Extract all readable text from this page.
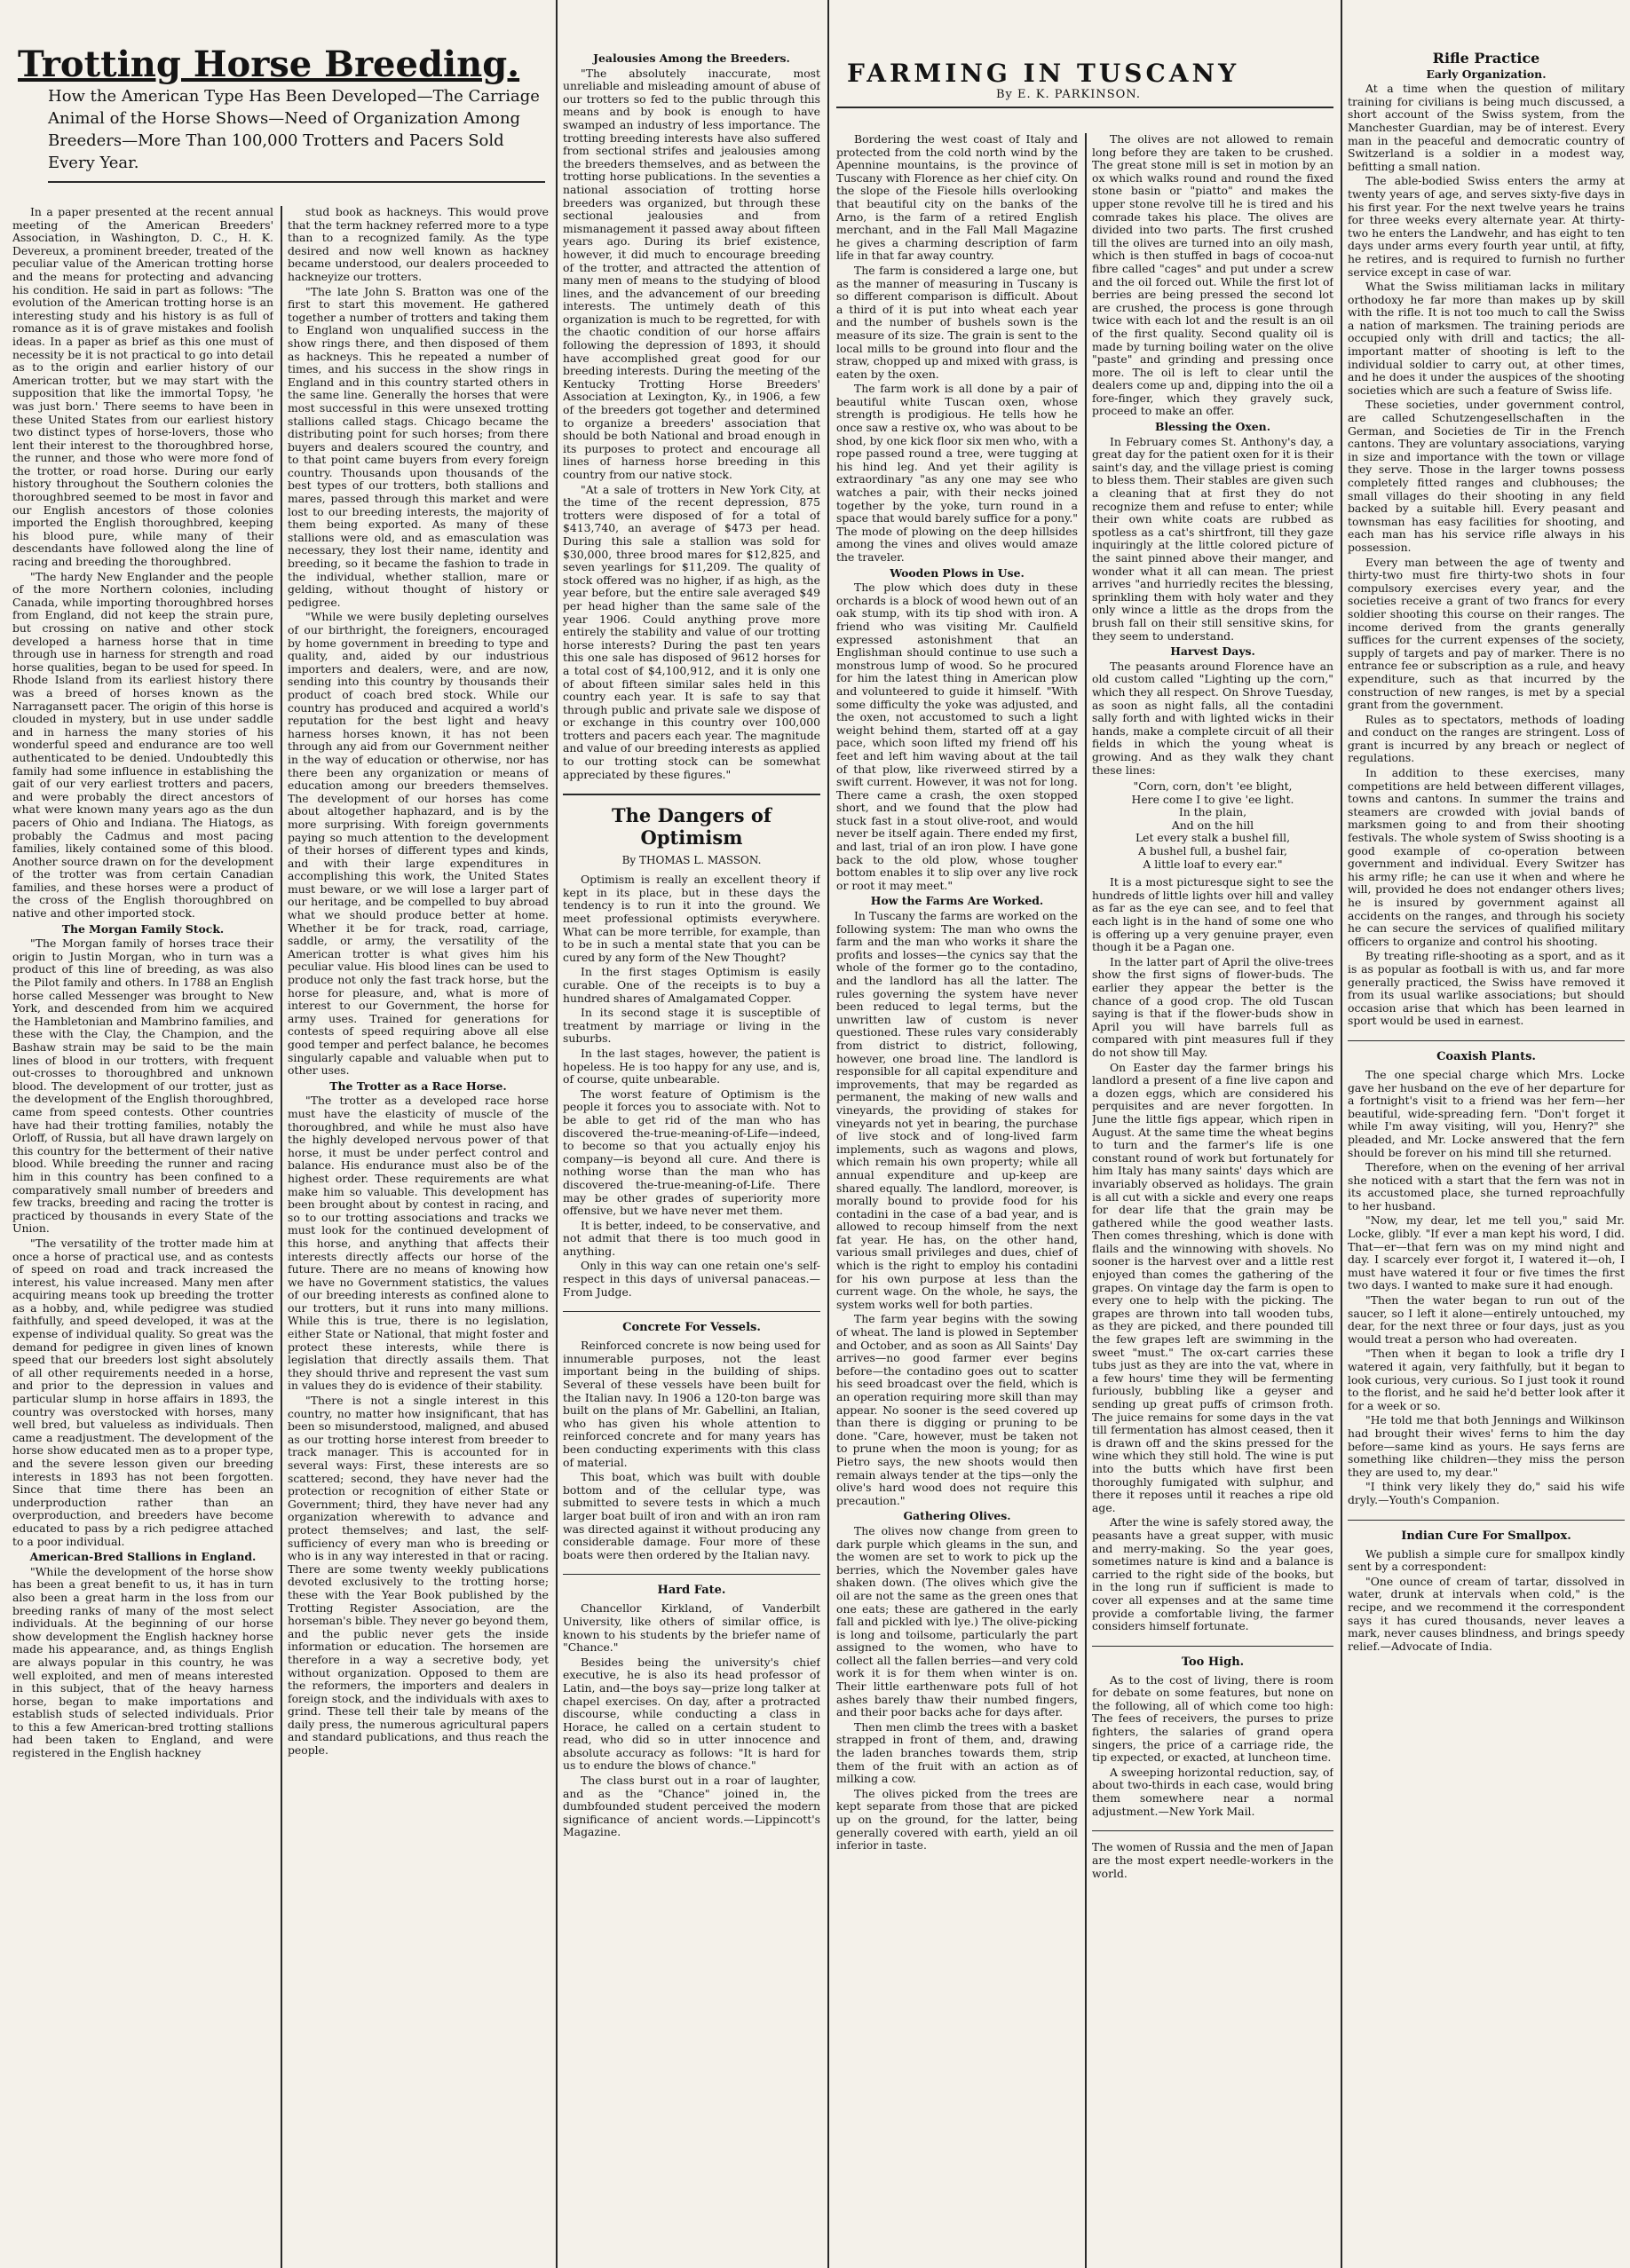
Trotting Horse Breeding.
How the American Type Has Been Developed—The Carriage Animal of the Horse Shows—Need of Organization Among Breeders—More Than 100,000 Trotters and Pacers Sold Every Year.

In a paper presented at the recent annual meeting of the American Breeders' Association, in Washington, D. C., H. K. Devereux, a prominent breeder, treated of the peculiar value of the American trotting horse and the means for protecting and advancing his condition. He said in part as follows: "The evolution of the American trotting horse is an interesting study and his history is as full of romance as it is of grave mistakes and foolish ideas. In a paper as brief as this one must of necessity be it is not practical to go into detail as to the origin and earlier history of our American trotter, but we may start with the supposition that like the immortal Topsy, 'he was just born.' There seems to have been in these United States from our earliest history two distinct types of horse-lovers, those who lent their interest to the thoroughbred horse, the runner, and those who were more fond of the trotter, or road horse. During our early history throughout the Southern colonies the thoroughbred seemed to be most in favor and our English ancestors of those colonies imported the English thoroughbred, keeping his blood pure, while many of their descendants have followed along the line of racing and breeding the thoroughbred.

"The hardy New Englander and the people of the more Northern colonies, including Canada, while importing thoroughbred horses from England, did not keep the strain pure, but crossing on native and other stock developed a harness horse that in time through use in harness for strength and road horse qualities, began to be used for speed. In Rhode Island from its earliest history there was a breed of horses known as the Narragansett pacer. The origin of this horse is clouded in mystery, but in use under saddle and in harness the many stories of his wonderful speed and endurance are too well authenticated to be denied. Undoubtedly this family had some influence in establishing the gait of our very earliest trotters and pacers, and were probably the direct ancestors of what were known many years ago as the dun pacers of Ohio and Indiana. The Hiatogs, as probably the Cadmus and most pacing families, likely contained some of this blood. Another source drawn on for the development of the trotter was from certain Canadian families, and these horses were a product of the cross of the English thoroughbred on native and other imported stock.

The Morgan Family Stock.

"The Morgan family of horses trace their origin to Justin Morgan, who in turn was a product of this line of breeding, as was also the Pilot family and others. In 1788 an English horse called Messenger was brought to New York, and descended from him we acquired the Hambletonian and Mambrino families, and these with the Clay, the Champion, and the Bashaw strain may be said to be the main lines of blood in our trotters, with frequent out-crosses to thoroughbred and unknown blood. The development of our trotter, just as the development of the English thoroughbred, came from speed contests. Other countries have had their trotting families, notably the Orloff, of Russia, but all have drawn largely on this country for the betterment of their native blood. While breeding the runner and racing him in this country has been confined to a comparatively small number of breeders and few tracks, breeding and racing the trotter is practiced by thousands in every State of the Union.

"The versatility of the trotter made him at once a horse of practical use, and as contests of speed on road and track increased the interest, his value increased. Many men after acquiring means took up breeding the trotter as a hobby, and, while pedigree was studied faithfully, and speed developed, it was at the expense of individual quality. So great was the demand for pedigree in given lines of known speed that our breeders lost sight absolutely of all other requirements needed in a horse, and prior to the depression in values and particular slump in horse affairs in 1893, the country was overstocked with horses, many well bred, but valueless as individuals. Then came a readjustment. The development of the horse show educated men as to a proper type, and the severe lesson given our breeding interests in 1893 has not been forgotten. Since that time there has been an underproduction rather than an overproduction, and breeders have become educated to pass by a rich pedigree attached to a poor individual.

American-Bred Stallions in England.

"While the development of the horse show has been a great benefit to us, it has in turn also been a great harm in the loss from our breeding ranks of many of the most select individuals. At the beginning of our horse show development the English hackney horse made his appearance, and, as things English are always popular in this country, he was well exploited, and men of means interested in this subject, that of the heavy harness horse, began to make importations and establish studs of selected individuals. Prior to this a few American-bred trotting stallions had been taken to England, and were registered in the English hackney

stud book as hackneys. This would prove that the term hackney referred more to a type than to a recognized family. As the type desired and now well known as hackney became understood, our dealers proceeded to hackneyize our trotters.

"The late John S. Bratton was one of the first to start this movement. He gathered together a number of trotters and taking them to England won unqualified success in the show rings there, and then disposed of them as hackneys. This he repeated a number of times, and his success in the show rings in England and in this country started others in the same line. Generally the horses that were most successful in this were unsexed trotting stallions called stags. Chicago became the distributing point for such horses; from there buyers and dealers scoured the country, and to that point came buyers from every foreign country. Thousands upon thousands of the best types of our trotters, both stallions and mares, passed through this market and were lost to our breeding interests, the majority of them being exported. As many of these stallions were old, and as emasculation was necessary, they lost their name, identity and breeding, so it became the fashion to trade in the individual, whether stallion, mare or gelding, without thought of history or pedigree.

"While we were busily depleting ourselves of our birthright, the foreigners, encouraged by home government in breeding to type and quality, and, aided by our industrious importers and dealers, were, and are now, sending into this country by thousands their product of coach bred stock. While our country has produced and acquired a world's reputation for the best light and heavy harness horses known, it has not been through any aid from our Government neither in the way of education or otherwise, nor has there been any organization or means of education among our breeders themselves. The development of our horses has come about altogether haphazard, and is by the more surprising. With foreign governments paying so much attention to the development of their horses of different types and kinds, and with their large expenditures in accomplishing this work, the United States must beware, or we will lose a larger part of our heritage, and be compelled to buy abroad what we should produce better at home. Whether it be for track, road, carriage, saddle, or army, the versatility of the American trotter is what gives him his peculiar value. His blood lines can be used to produce not only the fast track horse, but the horse for pleasure, and, what is more of interest to our Government, the horse for army uses. Trained for generations for contests of speed requiring above all else good temper and perfect balance, he becomes singularly capable and valuable when put to other uses.

The Trotter as a Race Horse.

"The trotter as a developed race horse must have the elasticity of muscle of the thoroughbred, and while he must also have the highly developed nervous power of that horse, it must be under perfect control and balance. His endurance must also be of the highest order. These requirements are what make him so valuable. This development has been brought about by contest in racing, and so to our trotting associations and tracks we must look for the continued development of this horse, and anything that affects their interests directly affects our horse of the future. There are no means of knowing how we have no Government statistics, the values of our breeding interests as confined alone to our trotters, but it runs into many millions. While this is true, there is no legislation, either State or National, that might foster and protect these interests, while there is legislation that directly assails them. That they should thrive and represent the vast sum in values they do is evidence of their stability.

"There is not a single interest in this country, no matter how insignificant, that has been so misunderstood, maligned, and abused as our trotting horse interest from breeder to track manager. This is accounted for in several ways: First, these interests are so scattered; second, they have never had the protection or recognition of either State or Government; third, they have never had any organization wherewith to advance and protect themselves; and last, the self-sufficiency of every man who is breeding or who is in any way interested in that or racing. There are some twenty weekly publications devoted exclusively to the trotting horse; these with the Year Book published by the Trotting Register Association, are the horseman's bible. They never go beyond them, and the public never gets the inside information or education. The horsemen are therefore in a way a secretive body, yet without organization. Opposed to them are the reformers, the importers and dealers in foreign stock, and the individuals with axes to grind. These tell their tale by means of the daily press, the numerous agricultural papers and standard publications, and thus reach the people.

Jealousies Among the Breeders.

"The absolutely inaccurate, most unreliable and misleading amount of abuse of our trotters so fed to the public through this means and by book is enough to have swamped an industry of less importance. The trotting breeding interests have also suffered from sectional strifes and jealousies among the breeders themselves, and as between the trotting horse publications. In the seventies a national association of trotting horse breeders was organized, but through these sectional jealousies and from mismanagement it passed away about fifteen years ago. During its brief existence, however, it did much to encourage breeding of the trotter, and attracted the attention of many men of means to the studying of blood lines, and the advancement of our breeding interests. The untimely death of this organization is much to be regretted, for with the chaotic condition of our horse affairs following the depression of 1893, it should have accomplished great good for our breeding interests. During the meeting of the Kentucky Trotting Horse Breeders' Association at Lexington, Ky., in 1906, a few of the breeders got together and determined to organize a breeders' association that should be both National and broad enough in its purposes to protect and encourage all lines of harness horse breeding in this country from our native stock.

"At a sale of trotters in New York City, at the time of the recent depression, 875 trotters were disposed of for a total of $413,740, an average of $473 per head. During this sale a stallion was sold for $30,000, three brood mares for $12,825, and seven yearlings for $11,209. The quality of stock offered was no higher, if as high, as the year before, but the entire sale averaged $49 per head higher than the same sale of the year 1906. Could anything prove more entirely the stability and value of our trotting horse interests? During the past ten years this one sale has disposed of 9612 horses for a total cost of $4,100,912, and it is only one of about fifteen similar sales held in this country each year. It is safe to say that through public and private sale we dispose of or exchange in this country over 100,000 trotters and pacers each year. The magnitude and value of our breeding interests as applied to our trotting stock can be somewhat appreciated by these figures."

The Dangers of Optimism
By THOMAS L. MASSON.

Optimism is really an excellent theory if kept in its place, but in these days the tendency is to run it into the ground. We meet professional optimists everywhere. What can be more terrible, for example, than to be in such a mental state that you can be cured by any form of the New Thought?

In the first stages Optimism is easily curable. One of the receipts is to buy a hundred shares of Amalgamated Copper.

In its second stage it is susceptible of treatment by marriage or living in the suburbs.

In the last stages, however, the patient is hopeless. He is too happy for any use, and is, of course, quite unbearable.

The worst feature of Optimism is the people it forces you to associate with. Not to be able to get rid of the man who has discovered the-true-meaning-of-Life—indeed, to become so that you actually enjoy his company—is beyond all cure. And there is nothing worse than the man who has discovered the-true-meaning-of-Life. There may be other grades of superiority more offensive, but we have never met them.

It is better, indeed, to be conservative, and not admit that there is too much good in anything.

Only in this way can one retain one's self-respect in this days of universal panaceas.—From Judge.

Concrete For Vessels.

Reinforced concrete is now being used for innumerable purposes, not the least important being in the building of ships. Several of these vessels have been built for the Italian navy. In 1906 a 120-ton barge was built on the plans of Mr. Gabellini, an Italian, who has given his whole attention to reinforced concrete and for many years has been conducting experiments with this class of material.

This boat, which was built with double bottom and of the cellular type, was submitted to severe tests in which a much larger boat built of iron and with an iron ram was directed against it without producing any considerable damage. Four more of these boats were then ordered by the Italian navy.

Hard Fate.

Chancellor Kirkland, of Vanderbilt University, like others of similar office, is known to his students by the briefer name of "Chance."

Besides being the university's chief executive, he is also its head professor of Latin, and—the boys say—prize long talker at chapel exercises. On day, after a protracted discourse, while conducting a class in Horace, he called on a certain student to read, who did so in utter innocence and absolute accuracy as follows: "It is hard for us to endure the blows of chance."

The class burst out in a roar of laughter, and as the "Chance" joined in, the dumbfounded student perceived the modern significance of ancient words.—Lippincott's Magazine.

FARMING IN TUSCANY
By E. K. PARKINSON.

Bordering the west coast of Italy and protected from the cold north wind by the Apennine mountains, is the province of Tuscany with Florence as her chief city. On the slope of the Fiesole hills overlooking that beautiful city on the banks of the Arno, is the farm of a retired English merchant, and in the Fall Mall Magazine he gives a charming description of farm life in that far away country.

The farm is considered a large one, but as the manner of measuring in Tuscany is so different comparison is difficult. About a third of it is put into wheat each year and the number of bushels sown is the measure of its size. The grain is sent to the local mills to be ground into flour and the straw, chopped up and mixed with grass, is eaten by the oxen.

The farm work is all done by a pair of beautiful white Tuscan oxen, whose strength is prodigious. He tells how he once saw a restive ox, who was about to be shod, by one kick floor six men who, with a rope passed round a tree, were tugging at his hind leg. And yet their agility is extraordinary "as any one may see who watches a pair, with their necks joined together by the yoke, turn round in a space that would barely suffice for a pony." The mode of plowing on the deep hillsides among the vines and olives would amaze the traveler.

Wooden Plows in Use.

The plow which does duty in these orchards is a block of wood hewn out of an oak stump, with its tip shod with iron. A friend who was visiting Mr. Caulfield expressed astonishment that an Englishman should continue to use such a monstrous lump of wood. So he procured for him the latest thing in American plow and volunteered to guide it himself. "With some difficulty the yoke was adjusted, and the oxen, not accustomed to such a light weight behind them, started off at a gay pace, which soon lifted my friend off his feet and left him waving about at the tail of that plow, like riverweed stirred by a swift current. However, it was not for long. There came a crash, the oxen stopped short, and we found that the plow had stuck fast in a stout olive-root, and would never be itself again. There ended my first, and last, trial of an iron plow. I have gone back to the old plow, whose tougher bottom enables it to slip over any live rock or root it may meet."

How the Farms Are Worked.

In Tuscany the farms are worked on the following system: The man who owns the farm and the man who works it share the profits and losses—the cynics say that the whole of the former go to the contadino, and the landlord has all the latter. The rules governing the system have never been reduced to legal terms, but the unwritten law of custom is never questioned. These rules vary considerably from district to district, following, however, one broad line. The landlord is responsible for all capital expenditure and improvements, that may be regarded as permanent, the making of new walls and vineyards, the providing of stakes for vineyards not yet in bearing, the purchase of live stock and of long-lived farm implements, such as wagons and plows, which remain his own property; while all annual expenditure and up-keep are shared equally. The landlord, moreover, is morally bound to provide food for his contadini in the case of a bad year, and is allowed to recoup himself from the next fat year. He has, on the other hand, various small privileges and dues, chief of which is the right to employ his contadini for his own purpose at less than the current wage. On the whole, he says, the system works well for both parties.

The farm year begins with the sowing of wheat. The land is plowed in September and October, and as soon as All Saints' Day arrives—no good farmer ever begins before—the contadino goes out to scatter his seed broadcast over the field, which is an operation requiring more skill than may appear. No sooner is the seed covered up than there is digging or pruning to be done. "Care, however, must be taken not to prune when the moon is young; for as Pietro says, the new shoots would then remain always tender at the tips—only the olive's hard wood does not require this precaution."

Gathering Olives.

The olives now change from green to dark purple which gleams in the sun, and the women are set to work to pick up the berries, which the November gales have shaken down. (The olives which give the oil are not the same as the green ones that one eats; these are gathered in the early fall and pickled with lye.) The olive-picking is long and toilsome, particularly the part assigned to the women, who have to collect all the fallen berries—and very cold work it is for them when winter is on. Their little earthenware pots full of hot ashes barely thaw their numbed fingers, and their poor backs ache for days after.

Then men climb the trees with a basket strapped in front of them, and, drawing the laden branches towards them, strip them of the fruit with an action as of milking a cow.

The olives picked from the trees are kept separate from those that are picked up on the ground, for the latter, being generally covered with earth, yield an oil inferior in taste.

The olives are not allowed to remain long before they are taken to be crushed. The great stone mill is set in motion by an ox which walks round and round the fixed stone basin or "piatto" and makes the upper stone revolve till he is tired and his comrade takes his place. The olives are divided into two parts. The first crushed till the olives are turned into an oily mash, which is then stuffed in bags of cocoa-nut fibre called "cages" and put under a screw and the oil forced out. While the first lot of berries are being pressed the second lot are crushed, the process is gone through twice with each lot and the result is an oil of the first quality. Second quality oil is made by turning boiling water on the olive "paste" and grinding and pressing once more. The oil is left to clear until the dealers come up and, dipping into the oil a fore-finger, which they gravely suck, proceed to make an offer.

Blessing the Oxen.

In February comes St. Anthony's day, a great day for the patient oxen for it is their saint's day, and the village priest is coming to bless them. Their stables are given such a cleaning that at first they do not recognize them and refuse to enter; while their own white coats are rubbed as spotless as a cat's shirtfront, till they gaze inquiringly at the little colored picture of the saint pinned above their manger, and wonder what it all can mean. The priest arrives "and hurriedly recites the blessing, sprinkling them with holy water and they only wince a little as the drops from the brush fall on their still sensitive skins, for they seem to understand.

Harvest Days.

The peasants around Florence have an old custom called "Lighting up the corn," which they all respect. On Shrove Tuesday, as soon as night falls, all the contadini sally forth and with lighted wicks in their hands, make a complete circuit of all their fields in which the young wheat is growing. And as they walk they chant these lines:

"Corn, corn, don't 'ee blight,
Here come I to give 'ee light.
In the plain,
And on the hill
Let every stalk a bushel fill,
A bushel full, a bushel fair,
A little loaf to every ear."

It is a most picturesque sight to see the hundreds of little lights over hill and valley as far as the eye can see, and to feel that each light is in the hand of some one who is offering up a very genuine prayer, even though it be a Pagan one.

In the latter part of April the olive-trees show the first signs of flower-buds. The earlier they appear the better is the chance of a good crop. The old Tuscan saying is that if the flower-buds show in April you will have barrels full as compared with pint measures full if they do not show till May.

On Easter day the farmer brings his landlord a present of a fine live capon and a dozen eggs, which are considered his perquisites and are never forgotten. In June the little figs appear, which ripen in August. At the same time the wheat begins to turn and the farmer's life is one constant round of work but fortunately for him Italy has many saints' days which are invariably observed as holidays. The grain is all cut with a sickle and every one reaps for dear life that the grain may be gathered while the good weather lasts. Then comes threshing, which is done with flails and the winnowing with shovels. No sooner is the harvest over and a little rest enjoyed than comes the gathering of the grapes. On vintage day the farm is open to every one to help with the picking. The grapes are thrown into tall wooden tubs, as they are picked, and there pounded till the few grapes left are swimming in the sweet "must." The ox-cart carries these tubs just as they are into the vat, where in a few hours' time they will be fermenting furiously, bubbling like a geyser and sending up great puffs of crimson froth. The juice remains for some days in the vat till fermentation has almost ceased, then it is drawn off and the skins pressed for the wine which they still hold. The wine is put into the butts which have first been thoroughly fumigated with sulphur, and there it reposes until it reaches a ripe old age.

After the wine is safely stored away, the peasants have a great supper, with music and merry-making. So the year goes, sometimes nature is kind and a balance is carried to the right side of the books, but in the long run if sufficient is made to cover all expenses and at the same time provide a comfortable living, the farmer considers himself fortunate.

Too High.

As to the cost of living, there is room for debate on some features, but none on the following, all of which come too high: The fees of receivers, the purses to prize fighters, the salaries of grand opera singers, the price of a carriage ride, the tip expected, or exacted, at luncheon time.

A sweeping horizontal reduction, say, of about two-thirds in each case, would bring them somewhere near a normal adjustment.—New York Mail.

The women of Russia and the men of Japan are the most expert needle-workers in the world.
Rifle Practice
Early Organization.

At a time when the question of military training for civilians is being much discussed, a short account of the Swiss system, from the Manchester Guardian, may be of interest. Every man in the peaceful and democratic country of Switzerland is a soldier in a modest way, befitting a small nation.

The able-bodied Swiss enters the army at twenty years of age, and serves sixty-five days in his first year. For the next twelve years he trains for three weeks every alternate year. At thirty-two he enters the Landwehr, and has eight to ten days under arms every fourth year until, at fifty, he retires, and is required to furnish no further service except in case of war.

What the Swiss militiaman lacks in military orthodoxy he far more than makes up by skill with the rifle. It is not too much to call the Swiss a nation of marksmen. The training periods are occupied only with drill and tactics; the all-important matter of shooting is left to the individual soldier to carry out, at other times, and he does it under the auspices of the shooting societies which are such a feature of Swiss life.

These societies, under government control, are called Schutzengesellschaften in the German, and Societies de Tir in the French cantons. They are voluntary associations, varying in size and importance with the town or village they serve. Those in the larger towns possess completely fitted ranges and clubhouses; the small villages do their shooting in any field backed by a suitable hill. Every peasant and townsman has easy facilities for shooting, and each man has his service rifle always in his possession.

Every man between the age of twenty and thirty-two must fire thirty-two shots in four compulsory exercises every year, and the societies receive a grant of two francs for every soldier shooting this course on their ranges. The income derived from the grants generally suffices for the current expenses of the society, supply of targets and pay of marker. There is no entrance fee or subscription as a rule, and heavy expenditure, such as that incurred by the construction of new ranges, is met by a special grant from the government.

Rules as to spectators, methods of loading and conduct on the ranges are stringent. Loss of grant is incurred by any breach or neglect of regulations.

In addition to these exercises, many competitions are held between different villages, towns and cantons. In summer the trains and steamers are crowded with jovial bands of marksmen going to and from their shooting festivals. The whole system of Swiss shooting is a good example of co-operation between government and individual. Every Switzer has his army rifle; he can use it when and where he will, provided he does not endanger others lives; he is insured by government against all accidents on the ranges, and through his society he can secure the services of qualified military officers to organize and control his shooting.

By treating rifle-shooting as a sport, and as it is as popular as football is with us, and far more generally practiced, the Swiss have removed it from its usual warlike associations; but should occasion arise that which has been learned in sport would be used in earnest.

Coaxish Plants.

The one special charge which Mrs. Locke gave her husband on the eve of her departure for a fortnight's visit to a friend was her fern—her beautiful, wide-spreading fern. "Don't forget it while I'm away visiting, will you, Henry?" she pleaded, and Mr. Locke answered that the fern should be forever on his mind till she returned.

Therefore, when on the evening of her arrival she noticed with a start that the fern was not in its accustomed place, she turned reproachfully to her husband.

"Now, my dear, let me tell you," said Mr. Locke, glibly. "If ever a man kept his word, I did. That—er—that fern was on my mind night and day. I scarcely ever forgot it, I watered it—oh, I must have watered it four or five times the first two days. I wanted to make sure it had enough.

"Then the water began to run out of the saucer, so I left it alone—entirely untouched, my dear, for the next three or four days, just as you would treat a person who had overeaten.

"Then when it began to look a trifle dry I watered it again, very faithfully, but it began to look curious, very curious. So I just took it round to the florist, and he said he'd better look after it for a week or so.

"He told me that both Jennings and Wilkinson had brought their wives' ferns to him the day before—same kind as yours. He says ferns are something like children—they miss the person they are used to, my dear."

"I think very likely they do," said his wife dryly.—Youth's Companion.

Indian Cure For Smallpox.

We publish a simple cure for smallpox kindly sent by a correspondent:

"One ounce of cream of tartar, dissolved in water, drunk at intervals when cold," is the recipe, and we recommend it the correspondent says it has cured thousands, never leaves a mark, never causes blindness, and brings speedy relief.—Advocate of India.
